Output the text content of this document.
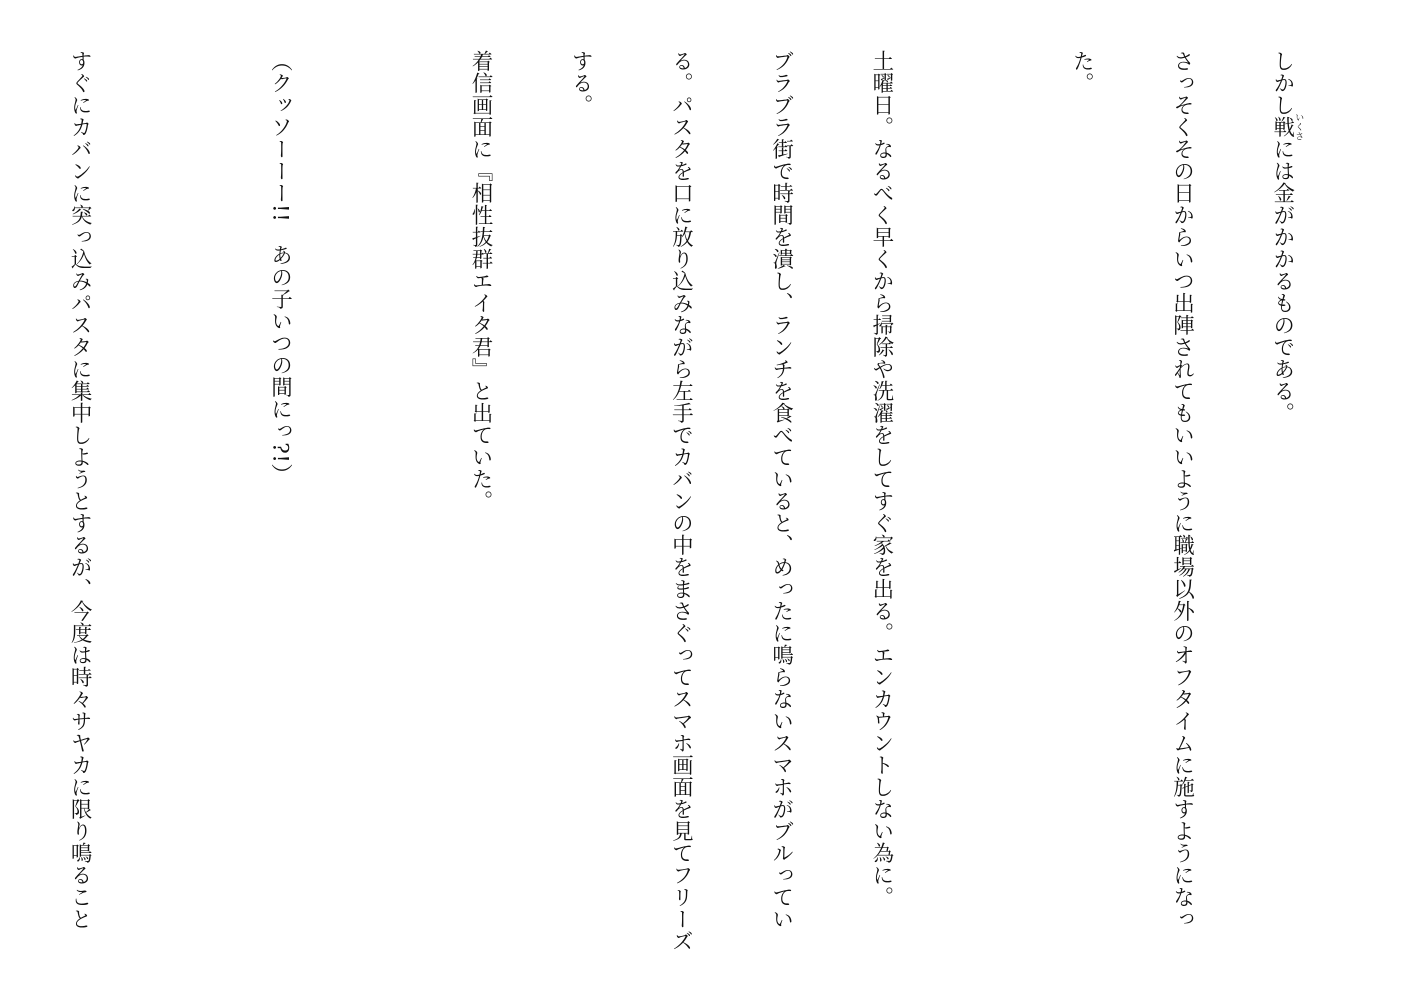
しかし戦いくさには金がかかるものである。

さっそくその日からいつ出陣されてもいいように職場以外のオフタイムに施すようになっ

た。

土曜日。なるべく早くから掃除や洗濯をしてすぐ家を出る。エンカウントしない為に。

ブラブラ街で時間を潰し、ランチを食べていると、めったに鳴らないスマホがブルってい

る。パスタを口に放り込みながら左手でカバンの中をまさぐってスマホ画面を見てフリーズ

する。

着信画面に『相性抜群エイタ君』と出ていた。

（クッソーーー!!　あの子いつの間にっ?!）

すぐにカバンに突っ込みパスタに集中しようとするが、今度は時々サヤカに限り鳴ること
